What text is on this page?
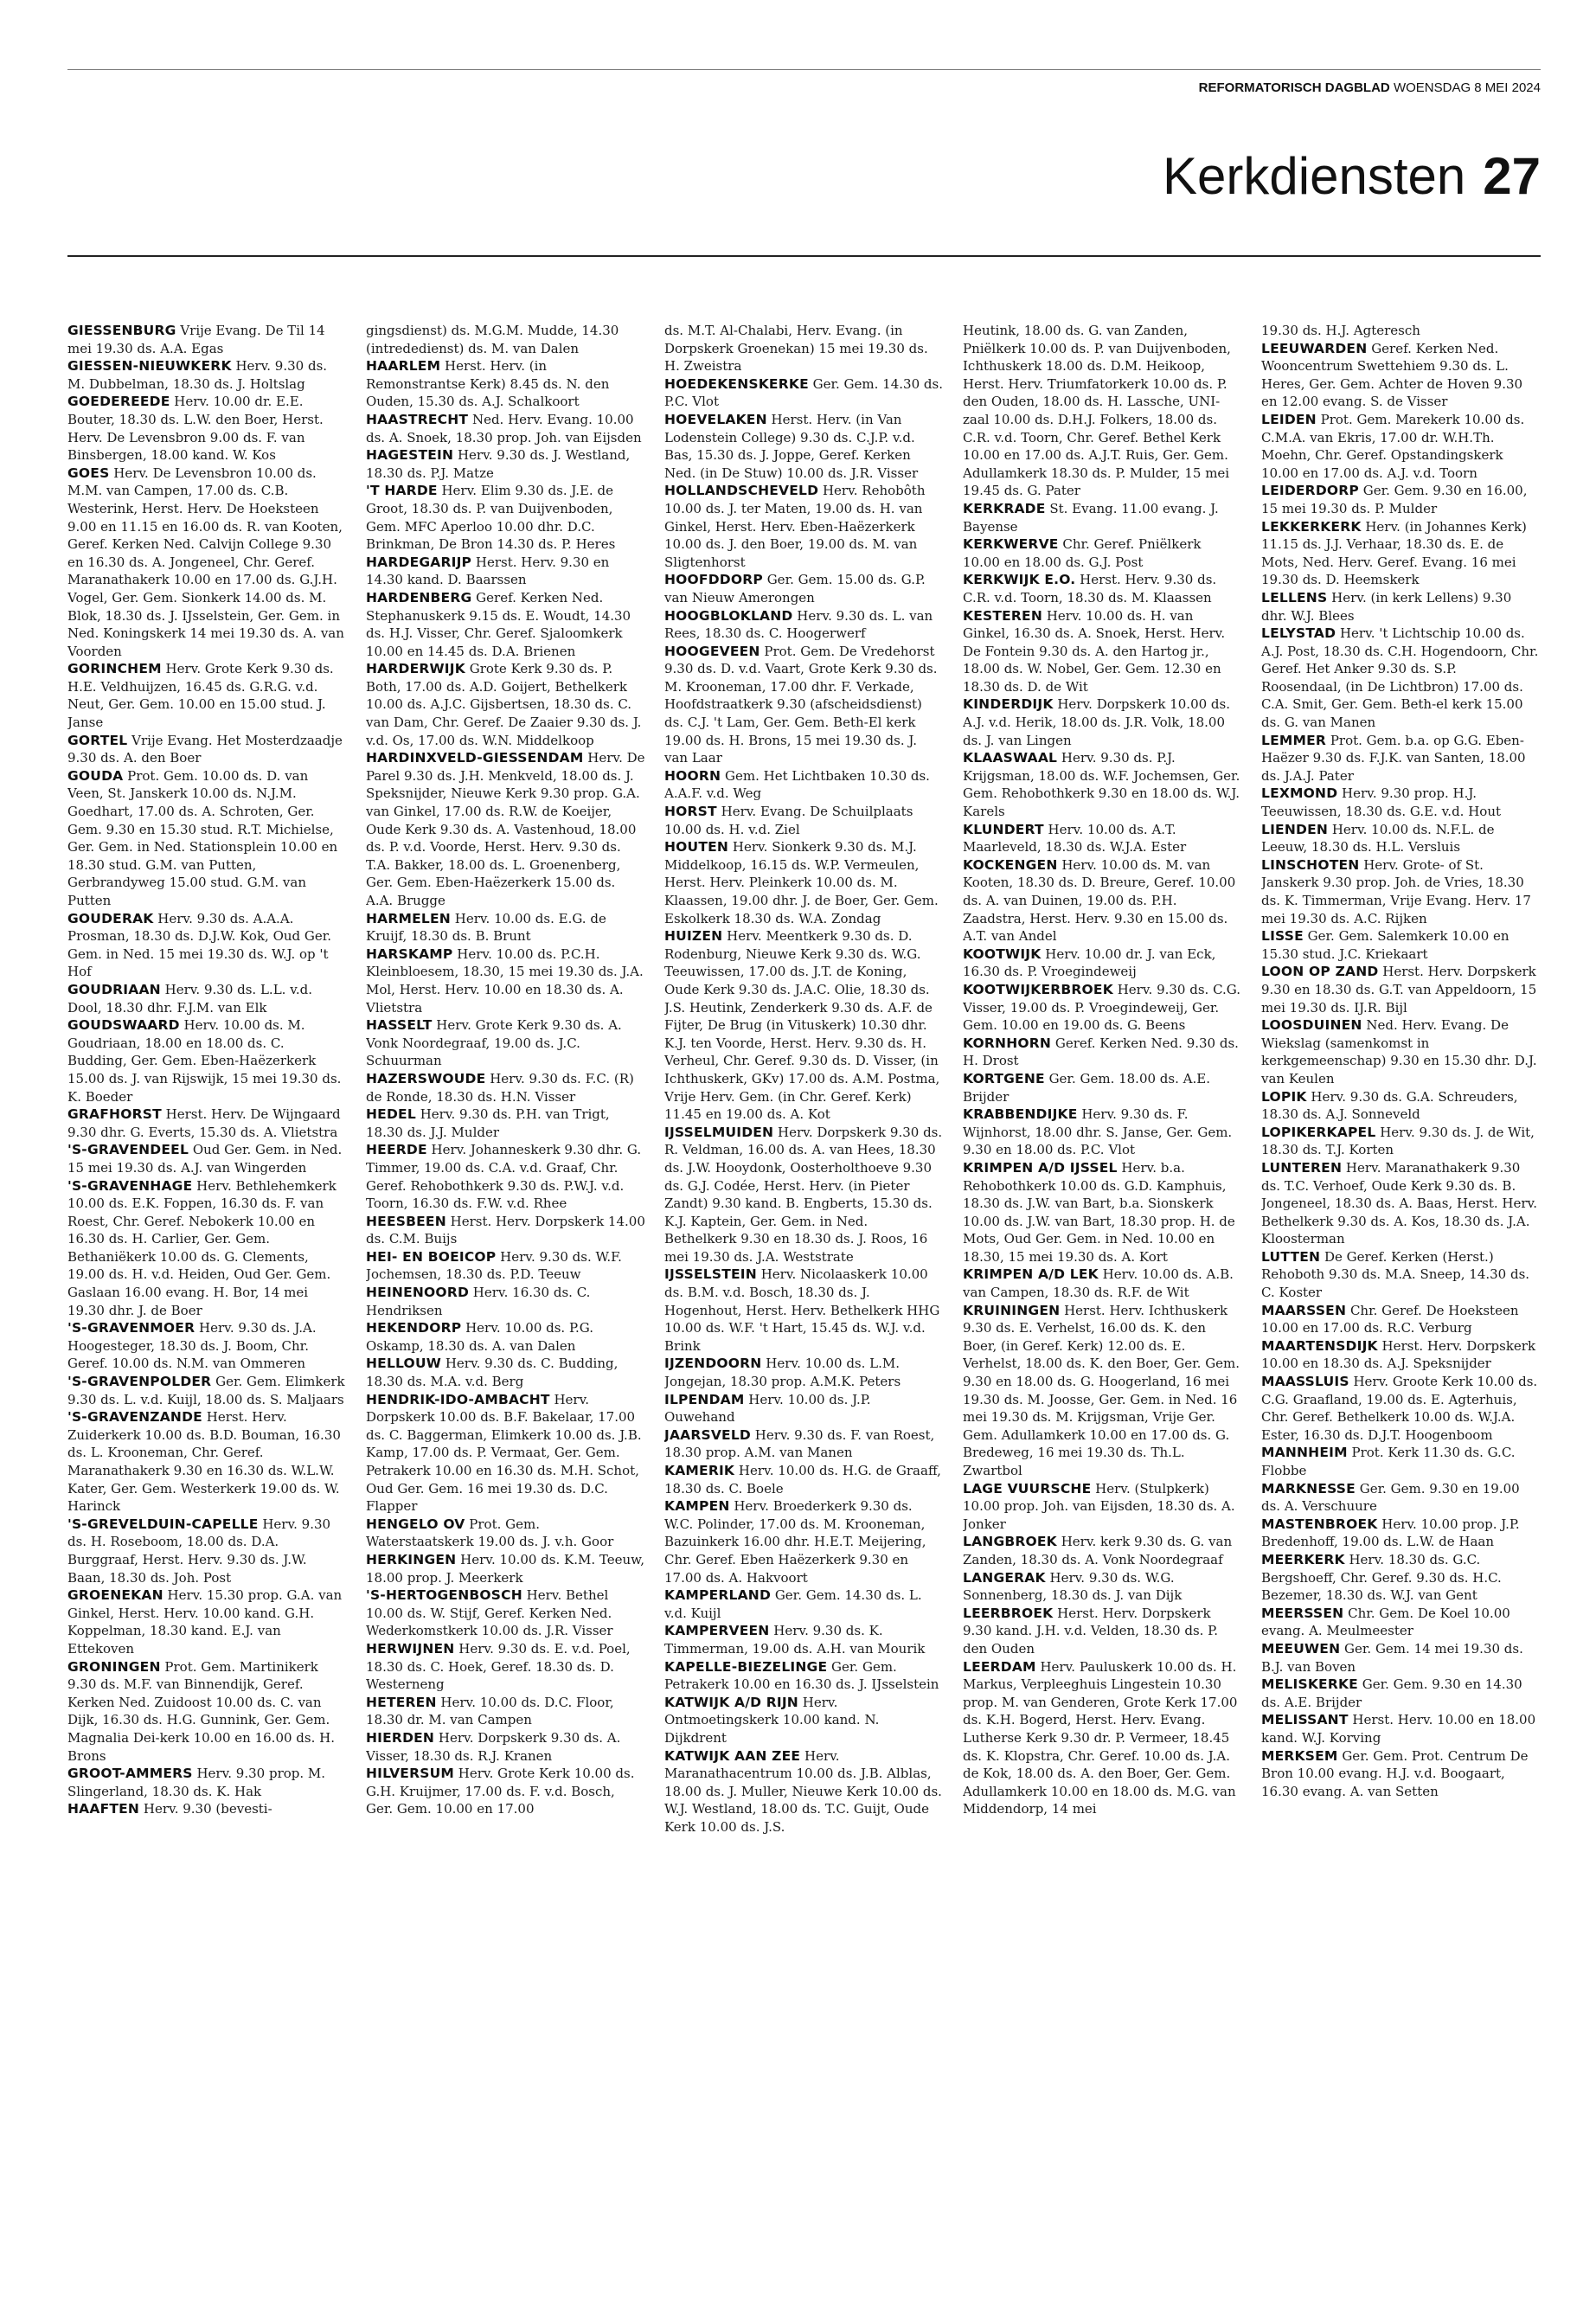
REFORMATORISCH DAGBLAD WOENSDAG 8 MEI 2024
Kerkdiensten 27

GIESSENBURG Vrije Evang. De Til 14 mei 19.30 ds. A.A. Egas

GIESSEN-NIEUWKERK Herv. 9.30 ds. M. Dubbelman, 18.30 ds. J. Holtslag

GOEDEREEDE Herv. 10.00 dr. E.E. Bouter, 18.30 ds. L.W. den Boer, Herst. Herv. De Levensbron 9.00 ds. F. van Binsbergen, 18.00 kand. W. Kos

GOES Herv. De Levensbron 10.00 ds. M.M. van Campen, 17.00 ds. C.B. Westerink, Herst. Herv. De Hoeksteen 9.00 en 11.15 en 16.00 ds. R. van Kooten, Geref. Kerken Ned. Calvijn College 9.30 en 16.30 ds. A. Jongeneel, Chr. Geref. Maranathakerk 10.00 en 17.00 ds. G.J.H. Vogel, Ger. Gem. Sionkerk 14.00 ds. M. Blok, 18.30 ds. J. IJsselstein, Ger. Gem. in Ned. Koningskerk 14 mei 19.30 ds. A. van Voorden

GORINCHEM Herv. Grote Kerk 9.30 ds. H.E. Veldhuijzen, 16.45 ds. G.R.G. v.d. Neut, Ger. Gem. 10.00 en 15.00 stud. J. Janse

GORTEL Vrije Evang. Het Mosterdzaadje 9.30 ds. A. den Boer

GOUDA Prot. Gem. 10.00 ds. D. van Veen, St. Janskerk 10.00 ds. N.J.M. Goedhart, 17.00 ds. A. Schroten, Ger. Gem. 9.30 en 15.30 stud. R.T. Michielse, Ger. Gem. in Ned. Stationsplein 10.00 en 18.30 stud. G.M. van Putten, Gerbrandyweg 15.00 stud. G.M. van Putten

GOUDERAK Herv. 9.30 ds. A.A.A. Prosman, 18.30 ds. D.J.W. Kok, Oud Ger. Gem. in Ned. 15 mei 19.30 ds. W.J. op 't Hof

GOUDRIAAN Herv. 9.30 ds. L.L. v.d. Dool, 18.30 dhr. F.J.M. van Elk

GOUDSWAARD Herv. 10.00 ds. M. Goudriaan, 18.00 en 18.00 ds. C. Budding, Ger. Gem. Eben-Haëzerkerk 15.00 ds. J. van Rijswijk, 15 mei 19.30 ds. K. Boeder

GRAFHORST Herst. Herv. De Wijngaard 9.30 dhr. G. Everts, 15.30 ds. A. Vlietstra

'S-GRAVENDEEL Oud Ger. Gem. in Ned. 15 mei 19.30 ds. A.J. van Wingerden

'S-GRAVENHAGE Herv. Bethlehemkerk 10.00 ds. E.K. Foppen, 16.30 ds. F. van Roest, Chr. Geref. Nebokerk 10.00 en 16.30 ds. H. Carlier, Ger. Gem. Bethaniëkerk 10.00 ds. G. Clements, 19.00 ds. H. v.d. Heiden, Oud Ger. Gem. Gaslaan 16.00 evang. H. Bor, 14 mei 19.30 dhr. J. de Boer

'S-GRAVENMOER Herv. 9.30 ds. J.A. Hoogesteger, 18.30 ds. J. Boom, Chr. Geref. 10.00 ds. N.M. van Ommeren

'S-GRAVENPOLDER Ger. Gem. Elimkerk 9.30 ds. L. v.d. Kuijl, 18.00 ds. S. Maljaars

'S-GRAVENZANDE Herst. Herv. Zuiderkerk 10.00 ds. B.D. Bouman, 16.30 ds. L. Krooneman, Chr. Geref. Maranathakerk 9.30 en 16.30 ds. W.L.W. Kater, Ger. Gem. Westerkerk 19.00 ds. W. Harinck

'S-GREVELDUIN-CAPELLE Herv. 9.30 ds. H. Roseboom, 18.00 ds. D.A. Burggraaf, Herst. Herv. 9.30 ds. J.W. Baan, 18.30 ds. Joh. Post

GROENEKAN Herv. 15.30 prop. G.A. van Ginkel, Herst. Herv. 10.00 kand. G.H. Koppelman, 18.30 kand. E.J. van Ettekoven

GRONINGEN Prot. Gem. Martinikerk 9.30 ds. M.F. van Binnendijk, Geref. Kerken Ned. Zuidoost 10.00 ds. C. van Dijk, 16.30 ds. H.G. Gunnink, Ger. Gem. Magnalia Dei-kerk 10.00 en 16.00 ds. H. Brons

GROOT-AMMERS Herv. 9.30 prop. M. Slingerland, 18.30 ds. K. Hak

HAAFTEN Herv. 9.30 (bevesti-

gingsdienst) ds. M.G.M. Mudde, 14.30 (intrededienst) ds. M. van Dalen

HAARLEM Herst. Herv. (in Remonstrantse Kerk) 8.45 ds. N. den Ouden, 15.30 ds. A.J. Schalkoort

HAASTRECHT Ned. Herv. Evang. 10.00 ds. A. Snoek, 18.30 prop. Joh. van Eijsden

HAGESTEIN Herv. 9.30 ds. J. Westland, 18.30 ds. P.J. Matze

'T HARDE Herv. Elim 9.30 ds. J.E. de Groot, 18.30 ds. P. van Duijvenboden, Gem. MFC Aperloo 10.00 dhr. D.C. Brinkman, De Bron 14.30 ds. P. Heres

HARDEGARIJP Herst. Herv. 9.30 en 14.30 kand. D. Baarssen

HARDENBERG Geref. Kerken Ned. Stephanuskerk 9.15 ds. E. Woudt, 14.30 ds. H.J. Visser, Chr. Geref. Sjaloomkerk 10.00 en 14.45 ds. D.A. Brienen

HARDERWIJK Grote Kerk 9.30 ds. P. Both, 17.00 ds. A.D. Goijert, Bethelkerk 10.00 ds. A.J.C. Gijsbertsen, 18.30 ds. C. van Dam, Chr. Geref. De Zaaier 9.30 ds. J. v.d. Os, 17.00 ds. W.N. Middelkoop

HARDINXVELD-GIESSENDAM Herv. De Parel 9.30 ds. J.H. Menkveld, 18.00 ds. J. Speksnijder, Nieuwe Kerk 9.30 prop. G.A. van Ginkel, 17.00 ds. R.W. de Koeijer, Oude Kerk 9.30 ds. A. Vastenhoud, 18.00 ds. P. v.d. Voorde, Herst. Herv. 9.30 ds. T.A. Bakker, 18.00 ds. L. Groenenberg, Ger. Gem. Eben-Haëzerkerk 15.00 ds. A.A. Brugge

HARMELEN Herv. 10.00 ds. E.G. de Kruijf, 18.30 ds. B. Brunt

HARSKAMP Herv. 10.00 ds. P.C.H. Kleinbloesem, 18.30, 15 mei 19.30 ds. J.A. Mol, Herst. Herv. 10.00 en 18.30 ds. A. Vlietstra

HASSELT Herv. Grote Kerk 9.30 ds. A. Vonk Noordegraaf, 19.00 ds. J.C. Schuurman

HAZERSWOUDE Herv. 9.30 ds. F.C. (R) de Ronde, 18.30 ds. H.N. Visser

HEDEL Herv. 9.30 ds. P.H. van Trigt, 18.30 ds. J.J. Mulder

HEERDE Herv. Johanneskerk 9.30 dhr. G. Timmer, 19.00 ds. C.A. v.d. Graaf, Chr. Geref. Rehobothkerk 9.30 ds. P.W.J. v.d. Toorn, 16.30 ds. F.W. v.d. Rhee

HEESBEEN Herst. Herv. Dorpskerk 14.00 ds. C.M. Buijs

HEI- EN BOEICOP Herv. 9.30 ds. W.F. Jochemsen, 18.30 ds. P.D. Teeuw

HEINENOORD Herv. 16.30 ds. C. Hendriksen

HEKENDORP Herv. 10.00 ds. P.G. Oskamp, 18.30 ds. A. van Dalen

HELLOUW Herv. 9.30 ds. C. Budding, 18.30 ds. M.A. v.d. Berg

HENDRIK-IDO-AMBACHT Herv. Dorpskerk 10.00 ds. B.F. Bakelaar, 17.00 ds. C. Baggerman, Elimkerk 10.00 ds. J.B. Kamp, 17.00 ds. P. Vermaat, Ger. Gem. Petrakerk 10.00 en 16.30 ds. M.H. Schot, Oud Ger. Gem. 16 mei 19.30 ds. D.C. Flapper

HENGELO OV Prot. Gem. Waterstaatskerk 19.00 ds. J. v.h. Goor

HERKINGEN Herv. 10.00 ds. K.M. Teeuw, 18.00 prop. J. Meerkerk

'S-HERTOGENBOSCH Herv. Bethel 10.00 ds. W. Stijf, Geref. Kerken Ned. Wederkomstkerk 10.00 ds. J.R. Visser

HERWIJNEN Herv. 9.30 ds. E. v.d. Poel, 18.30 ds. C. Hoek, Geref. 18.30 ds. D. Westerneng

HETEREN Herv. 10.00 ds. D.C. Floor, 18.30 dr. M. van Campen

HIERDEN Herv. Dorpskerk 9.30 ds. A. Visser, 18.30 ds. R.J. Kranen

HILVERSUM Herv. Grote Kerk 10.00 ds. G.H. Kruijmer, 17.00 ds. F. v.d. Bosch, Ger. Gem. 10.00 en 17.00

ds. M.T. Al-Chalabi, Herv. Evang. (in Dorpskerk Groenekan) 15 mei 19.30 ds. H. Zweistra

HOEDEKENSKERKE Ger. Gem. 14.30 ds. P.C. Vlot

HOEVELAKEN Herst. Herv. (in Van Lodenstein College) 9.30 ds. C.J.P. v.d. Bas, 15.30 ds. J. Joppe, Geref. Kerken Ned. (in De Stuw) 10.00 ds. J.R. Visser

HOLLANDSCHEVELD Herv. Rehobôth 10.00 ds. J. ter Maten, 19.00 ds. H. van Ginkel, Herst. Herv. Eben-Haëzerkerk 10.00 ds. J. den Boer, 19.00 ds. M. van Sligtenhorst

HOOFDDORP Ger. Gem. 15.00 ds. G.P. van Nieuw Amerongen

HOOGBLOKLAND Herv. 9.30 ds. L. van Rees, 18.30 ds. C. Hoogerwerf

HOOGEVEEN Prot. Gem. De Vredehorst 9.30 ds. D. v.d. Vaart, Grote Kerk 9.30 ds. M. Krooneman, 17.00 dhr. F. Verkade, Hoofdstraatkerk 9.30 (afscheidsdienst) ds. C.J. 't Lam, Ger. Gem. Beth-El kerk 19.00 ds. H. Brons, 15 mei 19.30 ds. J. van Laar

HOORN Gem. Het Lichtbaken 10.30 ds. A.A.F. v.d. Weg

HORST Herv. Evang. De Schuilplaats 10.00 ds. H. v.d. Ziel

HOUTEN Herv. Sionkerk 9.30 ds. M.J. Middelkoop, 16.15 ds. W.P. Vermeulen, Herst. Herv. Pleinkerk 10.00 ds. M. Klaassen, 19.00 dhr. J. de Boer, Ger. Gem. Eskolkerk 18.30 ds. W.A. Zondag

HUIZEN Herv. Meentkerk 9.30 ds. D. Rodenburg, Nieuwe Kerk 9.30 ds. W.G. Teeuwissen, 17.00 ds. J.T. de Koning, Oude Kerk 9.30 ds. J.A.C. Olie, 18.30 ds. J.S. Heutink, Zenderkerk 9.30 ds. A.F. de Fijter, De Brug (in Vituskerk) 10.30 dhr. K.J. ten Voorde, Herst. Herv. 9.30 ds. H. Verheul, Chr. Geref. 9.30 ds. D. Visser, (in Ichthuskerk, GKv) 17.00 ds. A.M. Postma, Vrije Herv. Gem. (in Chr. Geref. Kerk) 11.45 en 19.00 ds. A. Kot

IJSSELMUIDEN Herv. Dorpskerk 9.30 ds. R. Veldman, 16.00 ds. A. van Hees, 18.30 ds. J.W. Hooydonk, Oosterholthoeve 9.30 ds. G.J. Codée, Herst. Herv. (in Pieter Zandt) 9.30 kand. B. Engberts, 15.30 ds. K.J. Kaptein, Ger. Gem. in Ned. Bethelkerk 9.30 en 18.30 ds. J. Roos, 16 mei 19.30 ds. J.A. Weststrate

IJSSELSTEIN Herv. Nicolaaskerk 10.00 ds. B.M. v.d. Bosch, 18.30 ds. J. Hogenhout, Herst. Herv. Bethelkerk HHG 10.00 ds. W.F. 't Hart, 15.45 ds. W.J. v.d. Brink

IJZENDOORN Herv. 10.00 ds. L.M. Jongejan, 18.30 prop. A.M.K. Peters

ILPENDAM Herv. 10.00 ds. J.P. Ouwehand

JAARSVELD Herv. 9.30 ds. F. van Roest, 18.30 prop. A.M. van Manen

KAMERIK Herv. 10.00 ds. H.G. de Graaff, 18.30 ds. C. Boele

KAMPEN Herv. Broederkerk 9.30 ds. W.C. Polinder, 17.00 ds. M. Krooneman, Bazuinkerk 16.00 dhr. H.E.T. Meijering, Chr. Geref. Eben Haëzerkerk 9.30 en 17.00 ds. A. Hakvoort

KAMPERLAND Ger. Gem. 14.30 ds. L. v.d. Kuijl

KAMPERVEEN Herv. 9.30 ds. K. Timmerman, 19.00 ds. A.H. van Mourik

KAPELLE-BIEZELINGE Ger. Gem. Petrakerk 10.00 en 16.30 ds. J. IJsselstein

KATWIJK A/D RIJN Herv. Ontmoetingskerk 10.00 kand. N. Dijkdrent

KATWIJK AAN ZEE Herv. Maranathacentrum 10.00 ds. J.B. Alblas, 18.00 ds. J. Muller, Nieuwe Kerk 10.00 ds. W.J. Westland, 18.00 ds. T.C. Guijt, Oude Kerk 10.00 ds. J.S.

Heutink, 18.00 ds. G. van Zanden, Pniëlkerk 10.00 ds. P. van Duijvenboden, Ichthuskerk 18.00 ds. D.M. Heikoop, Herst. Herv. Triumfatorkerk 10.00 ds. P. den Ouden, 18.00 ds. H. Lassche, UNI-zaal 10.00 ds. D.H.J. Folkers, 18.00 ds. C.R. v.d. Toorn, Chr. Geref. Bethel Kerk 10.00 en 17.00 ds. A.J.T. Ruis, Ger. Gem. Adullamkerk 18.30 ds. P. Mulder, 15 mei 19.45 ds. G. Pater

KERKRADE St. Evang. 11.00 evang. J. Bayense

KERKWERVE Chr. Geref. Pniëlkerk 10.00 en 18.00 ds. G.J. Post

KERKWIJK E.O. Herst. Herv. 9.30 ds. C.R. v.d. Toorn, 18.30 ds. M. Klaassen

KESTEREN Herv. 10.00 ds. H. van Ginkel, 16.30 ds. A. Snoek, Herst. Herv. De Fontein 9.30 ds. A. den Hartog jr., 18.00 ds. W. Nobel, Ger. Gem. 12.30 en 18.30 ds. D. de Wit

KINDERDIJK Herv. Dorpskerk 10.00 ds. A.J. v.d. Herik, 18.00 ds. J.R. Volk, 18.00 ds. J. van Lingen

KLAASWAAL Herv. 9.30 ds. P.J. Krijgsman, 18.00 ds. W.F. Jochemsen, Ger. Gem. Rehobothkerk 9.30 en 18.00 ds. W.J. Karels

KLUNDERT Herv. 10.00 ds. A.T. Maarleveld, 18.30 ds. W.J.A. Ester

KOCKENGEN Herv. 10.00 ds. M. van Kooten, 18.30 ds. D. Breure, Geref. 10.00 ds. A. van Duinen, 19.00 ds. P.H. Zaadstra, Herst. Herv. 9.30 en 15.00 ds. A.T. van Andel

KOOTWIJK Herv. 10.00 dr. J. van Eck, 16.30 ds. P. Vroegindeweij

KOOTWIJKERBROEK Herv. 9.30 ds. C.G. Visser, 19.00 ds. P. Vroegindeweij, Ger. Gem. 10.00 en 19.00 ds. G. Beens

KORNHORN Geref. Kerken Ned. 9.30 ds. H. Drost

KORTGENE Ger. Gem. 18.00 ds. A.E. Brijder

KRABBENDIJKE Herv. 9.30 ds. F. Wijnhorst, 18.00 dhr. S. Janse, Ger. Gem. 9.30 en 18.00 ds. P.C. Vlot

KRIMPEN A/D IJSSEL Herv. b.a. Rehobothkerk 10.00 ds. G.D. Kamphuis, 18.30 ds. J.W. van Bart, b.a. Sionskerk 10.00 ds. J.W. van Bart, 18.30 prop. H. de Mots, Oud Ger. Gem. in Ned. 10.00 en 18.30, 15 mei 19.30 ds. A. Kort

KRIMPEN A/D LEK Herv. 10.00 ds. A.B. van Campen, 18.30 ds. R.F. de Wit

KRUININGEN Herst. Herv. Ichthuskerk 9.30 ds. E. Verhelst, 16.00 ds. K. den Boer, (in Geref. Kerk) 12.00 ds. E. Verhelst, 18.00 ds. K. den Boer, Ger. Gem. 9.30 en 18.00 ds. G. Hoogerland, 16 mei 19.30 ds. M. Joosse, Ger. Gem. in Ned. 16 mei 19.30 ds. M. Krijgsman, Vrije Ger. Gem. Adullamkerk 10.00 en 17.00 ds. G. Bredeweg, 16 mei 19.30 ds. Th.L. Zwartbol

LAGE VUURSCHE Herv. (Stulpkerk) 10.00 prop. Joh. van Eijsden, 18.30 ds. A. Jonker

LANGBROEK Herv. kerk 9.30 ds. G. van Zanden, 18.30 ds. A. Vonk Noordegraaf

LANGERAK Herv. 9.30 ds. W.G. Sonnenberg, 18.30 ds. J. van Dijk

LEERBROEK Herst. Herv. Dorpskerk 9.30 kand. J.H. v.d. Velden, 18.30 ds. P. den Ouden

LEERDAM Herv. Pauluskerk 10.00 ds. H. Markus, Verpleeghuis Lingestein 10.30 prop. M. van Genderen, Grote Kerk 17.00 ds. K.H. Bogerd, Herst. Herv. Evang. Lutherse Kerk 9.30 dr. P. Vermeer, 18.45 ds. K. Klopstra, Chr. Geref. 10.00 ds. J.A. de Kok, 18.00 ds. A. den Boer, Ger. Gem. Adullamkerk 10.00 en 18.00 ds. M.G. van Middendorp, 14 mei

19.30 ds. H.J. Agteresch

LEEUWARDEN Geref. Kerken Ned. Wooncentrum Swettehiem 9.30 ds. L. Heres, Ger. Gem. Achter de Hoven 9.30 en 12.00 evang. S. de Visser

LEIDEN Prot. Gem. Marekerk 10.00 ds. C.M.A. van Ekris, 17.00 dr. W.H.Th. Moehn, Chr. Geref. Opstandingskerk 10.00 en 17.00 ds. A.J. v.d. Toorn

LEIDERDORP Ger. Gem. 9.30 en 16.00, 15 mei 19.30 ds. P. Mulder

LEKKERKERK Herv. (in Johannes Kerk) 11.15 ds. J.J. Verhaar, 18.30 ds. E. de Mots, Ned. Herv. Geref. Evang. 16 mei 19.30 ds. D. Heemskerk

LELLENS Herv. (in kerk Lellens) 9.30 dhr. W.J. Blees

LELYSTAD Herv. 't Lichtschip 10.00 ds. A.J. Post, 18.30 ds. C.H. Hogendoorn, Chr. Geref. Het Anker 9.30 ds. S.P. Roosendaal, (in De Lichtbron) 17.00 ds. C.A. Smit, Ger. Gem. Beth-el kerk 15.00 ds. G. van Manen

LEMMER Prot. Gem. b.a. op G.G. Eben-Haëzer 9.30 ds. F.J.K. van Santen, 18.00 ds. J.A.J. Pater

LEXMOND Herv. 9.30 prop. H.J. Teeuwissen, 18.30 ds. G.E. v.d. Hout

LIENDEN Herv. 10.00 ds. N.F.L. de Leeuw, 18.30 ds. H.L. Versluis

LINSCHOTEN Herv. Grote- of St. Janskerk 9.30 prop. Joh. de Vries, 18.30 ds. K. Timmerman, Vrije Evang. Herv. 17 mei 19.30 ds. A.C. Rijken

LISSE Ger. Gem. Salemkerk 10.00 en 15.30 stud. J.C. Kriekaart

LOON OP ZAND Herst. Herv. Dorpskerk 9.30 en 18.30 ds. G.T. van Appeldoorn, 15 mei 19.30 ds. IJ.R. Bijl

LOOSDUINEN Ned. Herv. Evang. De Wiekslag (samenkomst in kerkgemeenschap) 9.30 en 15.30 dhr. D.J. van Keulen

LOPIK Herv. 9.30 ds. G.A. Schreuders, 18.30 ds. A.J. Sonneveld

LOPIKERKAPEL Herv. 9.30 ds. J. de Wit, 18.30 ds. T.J. Korten

LUNTEREN Herv. Maranathakerk 9.30 ds. T.C. Verhoef, Oude Kerk 9.30 ds. B. Jongeneel, 18.30 ds. A. Baas, Herst. Herv. Bethelkerk 9.30 ds. A. Kos, 18.30 ds. J.A. Kloosterman

LUTTEN De Geref. Kerken (Herst.) Rehoboth 9.30 ds. M.A. Sneep, 14.30 ds. C. Koster

MAARSSEN Chr. Geref. De Hoeksteen 10.00 en 17.00 ds. R.C. Verburg

MAARTENSDIJK Herst. Herv. Dorpskerk 10.00 en 18.30 ds. A.J. Speksnijder

MAASSLUIS Herv. Groote Kerk 10.00 ds. C.G. Graafland, 19.00 ds. E. Agterhuis, Chr. Geref. Bethelkerk 10.00 ds. W.J.A. Ester, 16.30 ds. D.J.T. Hoogenboom

MANNHEIM Prot. Kerk 11.30 ds. G.C. Flobbe

MARKNESSE Ger. Gem. 9.30 en 19.00 ds. A. Verschuure

MASTENBROEK Herv. 10.00 prop. J.P. Bredenhoff, 19.00 ds. L.W. de Haan

MEERKERK Herv. 18.30 ds. G.C. Bergshoeff, Chr. Geref. 9.30 ds. H.C. Bezemer, 18.30 ds. W.J. van Gent

MEERSSEN Chr. Gem. De Koel 10.00 evang. A. Meulmeester

MEEUWEN Ger. Gem. 14 mei 19.30 ds. B.J. van Boven

MELISKERKE Ger. Gem. 9.30 en 14.30 ds. A.E. Brijder

MELISSANT Herst. Herv. 10.00 en 18.00 kand. W.J. Korving

MERKSEM Ger. Gem. Prot. Centrum De Bron 10.00 evang. H.J. v.d. Boogaart, 16.30 evang. A. van Setten
